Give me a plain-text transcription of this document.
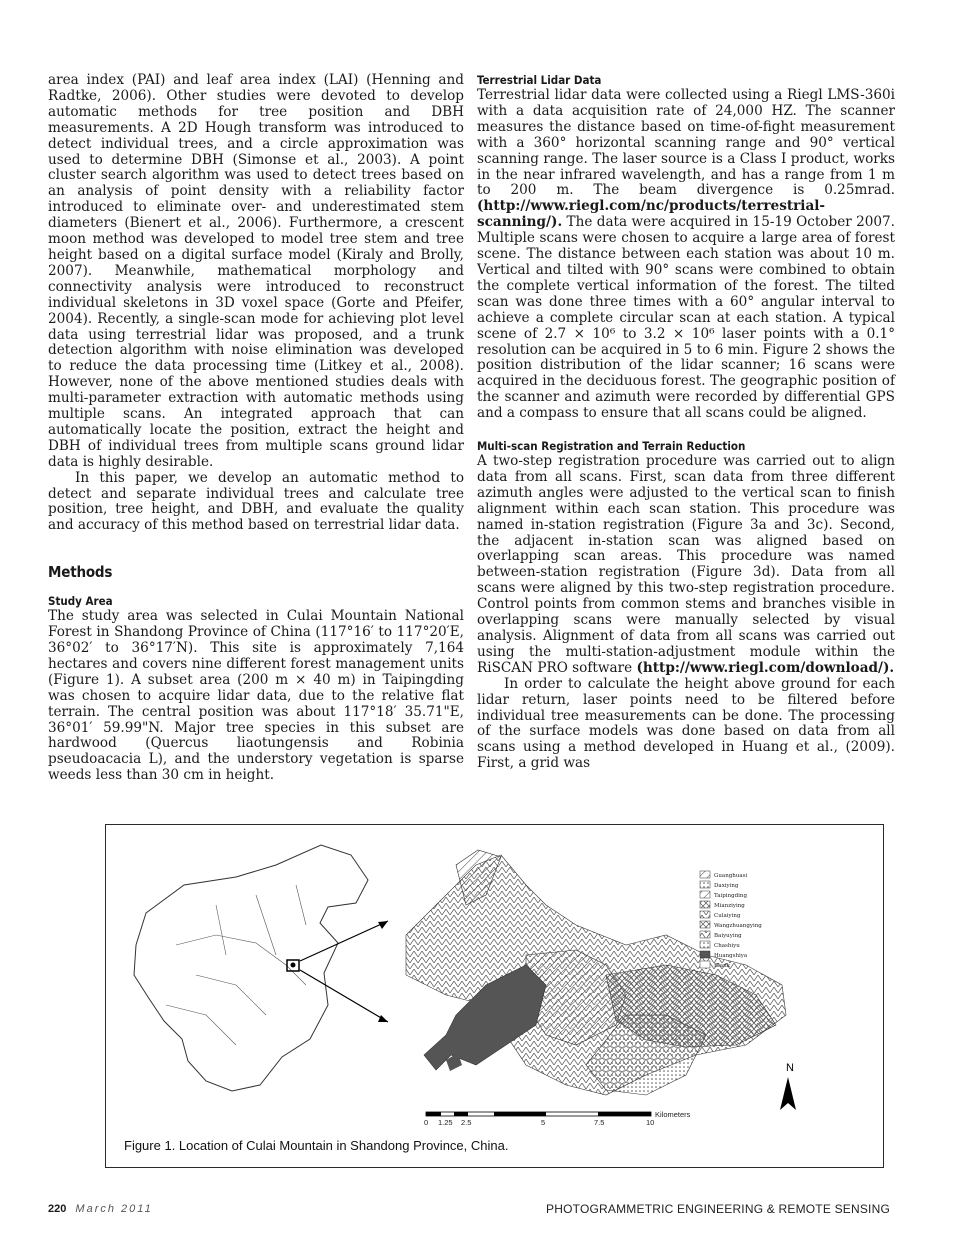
area index (PAI) and leaf area index (LAI) (Henning and Radtke, 2006). Other studies were devoted to develop automatic methods for tree position and DBH measurements. A 2D Hough transform was introduced to detect individual trees, and a circle approximation was used to determine DBH (Simonse et al., 2003). A point cluster search algorithm was used to detect trees based on an analysis of point density with a reliability factor introduced to eliminate over- and underestimated stem diameters (Bienert et al., 2006). Furthermore, a crescent moon method was developed to model tree stem and tree height based on a digital surface model (Kiraly and Brolly, 2007). Meanwhile, mathematical morphology and connectivity analysis were introduced to reconstruct individual skeletons in 3D voxel space (Gorte and Pfeifer, 2004). Recently, a single-scan mode for achieving plot level data using terrestrial lidar was proposed, and a trunk detection algorithm with noise elimination was developed to reduce the data processing time (Litkey et al., 2008). However, none of the above mentioned studies deals with multi-parameter extraction with automatic methods using multiple scans. An integrated approach that can automatically locate the position, extract the height and DBH of individual trees from multiple scans ground lidar data is highly desirable.

In this paper, we develop an automatic method to detect and separate individual trees and calculate tree position, tree height, and DBH, and evaluate the quality and accuracy of this method based on terrestrial lidar data.

Methods
Study Area

The study area was selected in Culai Mountain National Forest in Shandong Province of China (117°16′ to 117°20′E, 36°02′ to 36°17′N). This site is approximately 7,164 hectares and covers nine different forest management units (Figure 1). A subset area (200 m × 40 m) in Taipingding was chosen to acquire lidar data, due to the relative flat terrain. The central position was about 117°18′ 35.71"E, 36°01′ 59.99"N. Major tree species in this subset are hardwood (Quercus liaotungensis and Robinia pseudoacacia L), and the understory vegetation is sparse weeds less than 30 cm in height.

Terrestrial Lidar Data

Terrestrial lidar data were collected using a Riegl LMS-360i with a data acquisition rate of 24,000 HZ. The scanner measures the distance based on time-of-fight measurement with a 360° horizontal scanning range and 90° vertical scanning range. The laser source is a Class I product, works in the near infrared wavelength, and has a range from 1 m to 200 m. The beam divergence is 0.25mrad. (http://www.riegl.com/nc/products/terrestrial-scanning/). The data were acquired in 15-19 October 2007. Multiple scans were chosen to acquire a large area of forest scene. The distance between each station was about 10 m. Vertical and tilted with 90° scans were combined to obtain the complete vertical information of the forest. The tilted scan was done three times with a 60° angular interval to achieve a complete circular scan at each station. A typical scene of 2.7 × 10⁶ to 3.2 × 10⁶ laser points with a 0.1° resolution can be acquired in 5 to 6 min. Figure 2 shows the position distribution of the lidar scanner; 16 scans were acquired in the deciduous forest. The geographic position of the scanner and azimuth were recorded by differential GPS and a compass to ensure that all scans could be aligned.

Multi-scan Registration and Terrain Reduction

A two-step registration procedure was carried out to align data from all scans. First, scan data from three different azimuth angles were adjusted to the vertical scan to finish alignment within each scan station. This procedure was named in-station registration (Figure 3a and 3c). Second, the adjacent in-station scan was aligned based on overlapping scan areas. This procedure was named between-station registration (Figure 3d). Data from all scans were aligned by this two-step registration procedure. Control points from common stems and branches visible in overlapping scans were manually selected by visual analysis. Alignment of data from all scans was carried out using the multi-station-adjustment module within the RiSCAN PRO software (http://www.riegl.com/download/).

In order to calculate the height above ground for each lidar return, laser points need to be filtered before individual tree measurements can be done. The processing of the surface models was done based on data from all scans using a method developed in Huang et al., (2009). First, a grid was

Guanghuasi
Daxiying
Taipingding
Mianziying
Culaiying
Wangzhuangying
Baiyuying
Chashiyu
Huangshiya
Blank
N
0 1.25 2.5	5	7.5	10
Kilometers
Figure 1. Location of Culai Mountain in Shandong Province, China.
220 March 2011	PHOTOGRAMMETRIC ENGINEERING & REMOTE SENSING
